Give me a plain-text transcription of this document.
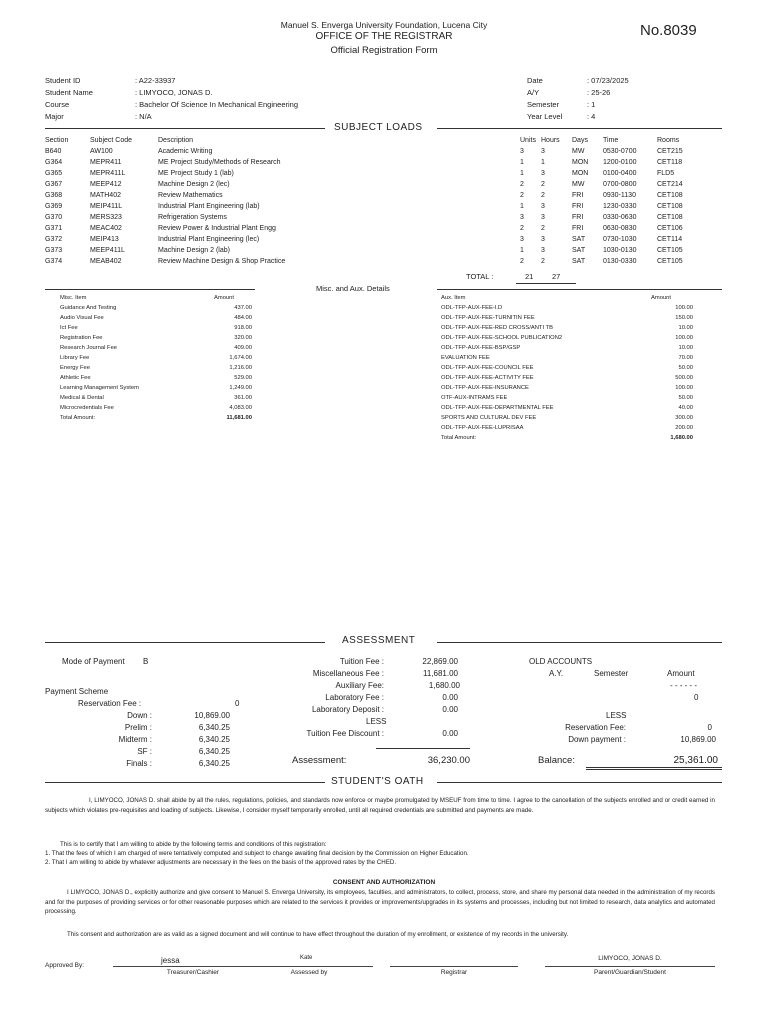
Manuel S. Enverga University Foundation, Lucena City
OFFICE OF THE REGISTRAR
Official Registration Form
No.8039
Student ID	: A22-33937
Student Name	: LIMYOCO, JONAS D.
Course	: Bachelor Of Science In Mechanical Engineering
Major	: N/A
Date	: 07/23/2025
A/Y	: 25-26
Semester	: 1
Year Level	: 4
SUBJECT LOADS
Section	Subject Code	Description	Units	Hours	Days	Time	Rooms
B640	AW100	Academic Writing	3	3	MW	0530-0700	CET215
G364	MEPR411	ME Project Study/Methods of Research	1	1	MON	1200-0100	CET118
G365	MEPR411L	ME Project Study 1 (lab)	1	3	MON	0100-0400	FLD5
G367	MEEP412	Machine Design 2 (lec)	2	2	MW	0700-0800	CET214
G368	MATH402	Review Mathematics	2	2	FRI	0930-1130	CET108
G369	MEIP411L	Industrial Plant Engineering (lab)	1	3	FRI	1230-0330	CET108
G370	MERS323	Refrigeration Systems	3	3	FRI	0330-0630	CET108
G371	MEAC402	Review Power & Industrial Plant Engg	2	2	FRI	0630-0830	CET106
G372	MEIP413	Industrial Plant Engineering (lec)	3	3	SAT	0730-1030	CET114
G373	MEEP411L	Machine Design 2 (lab)	1	3	SAT	1030-0130	CET105
G374	MEAB402	Review Machine Design & Shop Practice	2	2	SAT	0130-0330	CET105
TOTAL :	21 27
Misc. and Aux. Details
Misc. Item	Amount
Guidance And Testing	437.00
Audio Visual Fee	484.00
Ict Fee	918.00
Registration Fee	320.00
Research Journal Fee	409.00
Library Fee	1,674.00
Energy Fee	1,216.00
Athletic Fee	529.00
Learning Management System	1,249.00
Medical & Dental	361.00
Microcredentials Fee	4,083.00
Total Amount:	11,681.00
Aux. Item	Amount
ODL-TFP-AUX-FEE-I.D	100.00
ODL-TFP-AUX-FEE-TURNITIN FEE	150.00
ODL-TFP-AUX-FEE-RED CROSS/ANTI TB	10.00
ODL-TFP-AUX-FEE-SCHOOL PUBLICATION2	100.00
ODL-TFP-AUX-FEE-BSP/GSP	10.00
EVALUATION FEE	70.00
ODL-TFP-AUX-FEE-COUNCIL FEE	50.00
ODL-TFP-AUX-FEE-ACTIVITY FEE	500.00
ODL-TFP-AUX-FEE-INSURANCE	100.00
OTF-AUX-INTRAMS FEE	50.00
ODL-TFP-AUX-FEE-DEPARTMENTAL FEE	40.00
SPORTS AND CULTURAL DEV FEE	300.00
ODL-TFP-AUX-FEE-LUPRISAA	200.00
Total Amount:	1,680.00
ASSESSMENT
Mode of Payment B
Payment Scheme
Reservation Fee :	0
Down :	10,869.00
Prelim :	6,340.25
Midterm :	6,340.25
SF :	6,340.25
Finals :	6,340.25
Tuition Fee :	22,869.00
Miscellaneous Fee :	11,681.00
Auxiliary Fee:	1,680.00
Laboratory Fee :	0.00
Laboratory Deposit :	0.00
LESS
Tuition Fee Discount :	0.00
Assessment:	36,230.00
OLD ACCOUNTS
A.Y.	Semester	Amount
- - - - - -
0
LESS
Reservation Fee:	0
Down payment :	10,869.00
Balance:	25,361.00
STUDENT'S OATH
I, LIMYOCO, JONAS D. shall abide by all the rules, regulations, policies, and standards now enforce or maybe promulgated by MSEUF from time to time. I agree to the cancellation of the subjects enrolled and or credit earned in subjects which violates pre-requisites and loading of subjects. Likewise, I consider myself temporarily enrolled, until all required credentials are submitted and payments are made.
This is to certify that I am willing to abide by the following terms and conditions of this registration:
1. That the fees of which I am charged of were tentatively computed and subject to change awaiting final decision by the Commission on Higher Education.
2. That I am willing to abide by whatever adjustments are necessary in the fees on the basis of the approved rates by the CHED.
CONSENT AND AUTHORIZATION
I LIMYOCO, JONAS D., explicitly authorize and give consent to Manuel S. Enverga University, its employees, faculties, and administrators, to collect, process, store, and share my personal data needed in the administration of my records and for the purposes of providing services or for other reasonable purposes which are related to the services it provides or improvements/upgrades in its systems and processes, including but not limited to research, data analytics and automated processing.
This consent and authorization are as valid as a signed document and will continue to have effect throughout the duration of my enrollment, or existence of my records in the university.
Approved By:
jessa
Treasurer/Cashier
Kate
Assessed by	Registrar
LIMYOCO, JONAS D.
Parent/Guardian/Student
